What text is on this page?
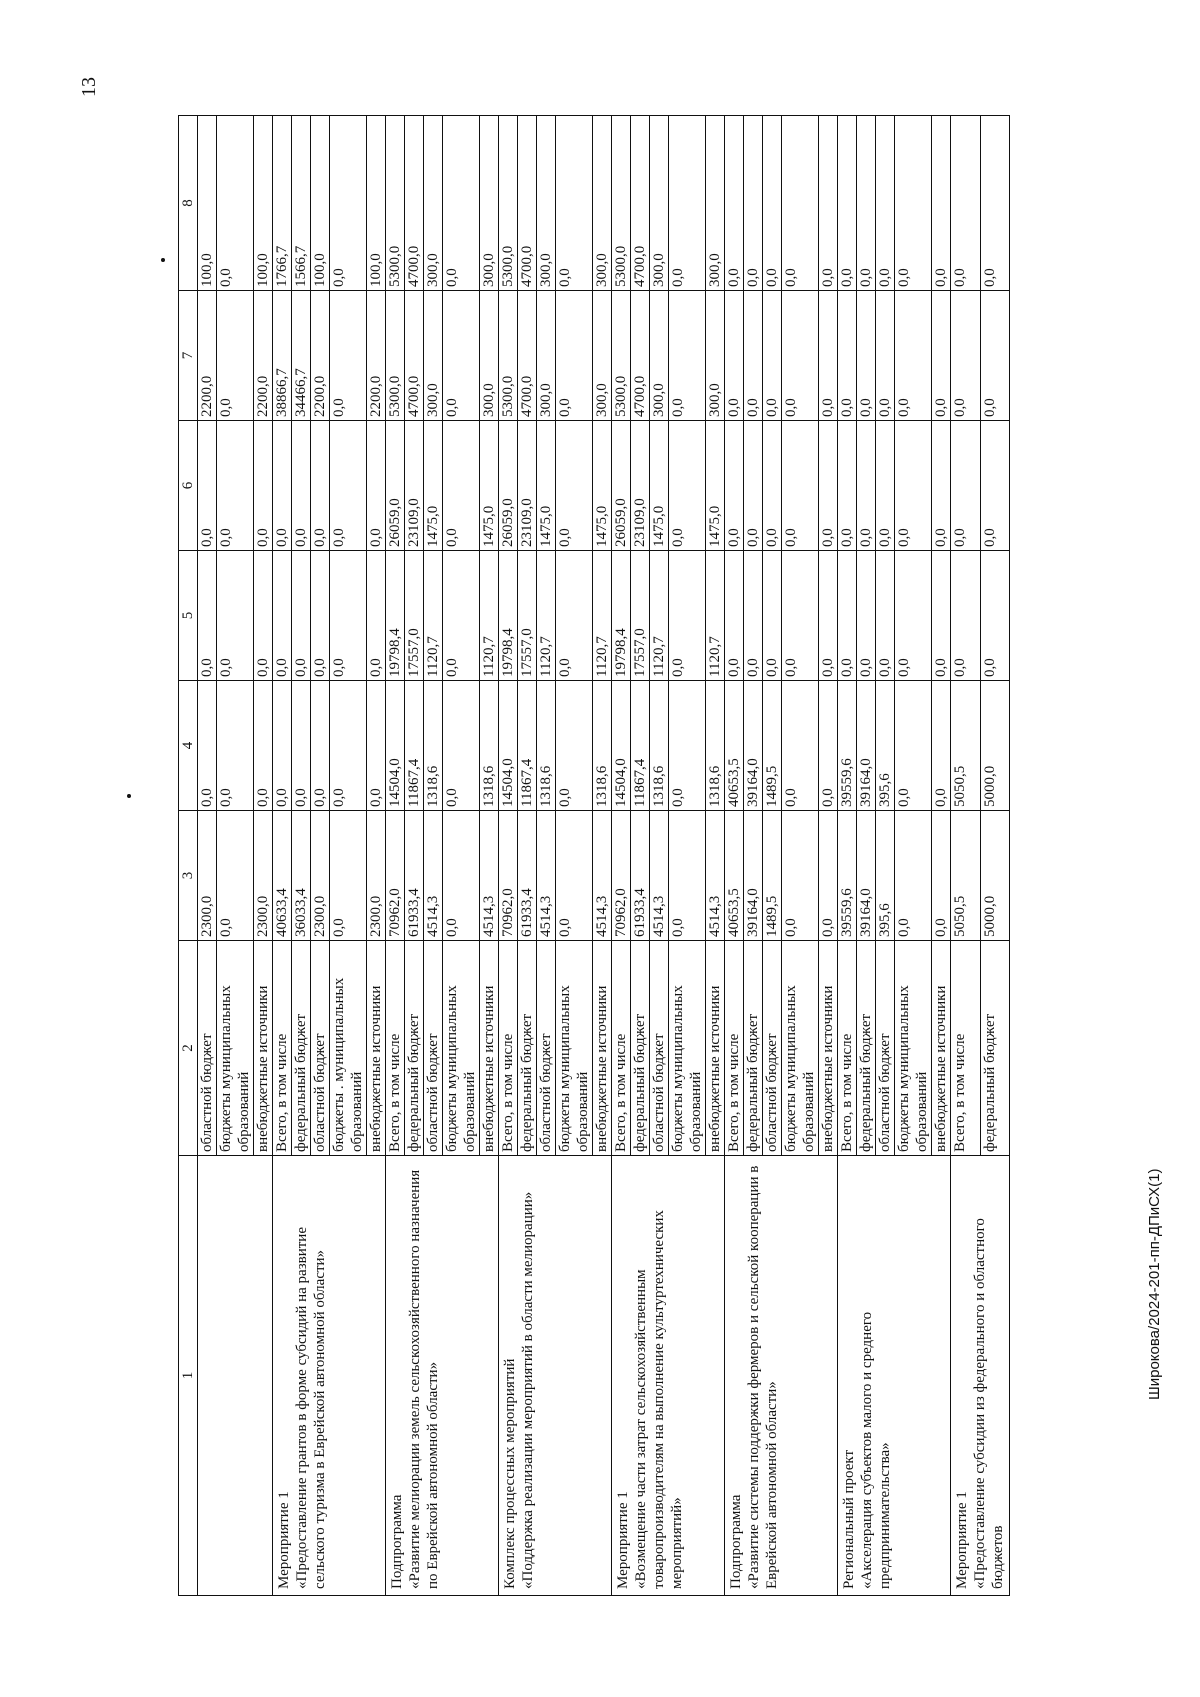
13
1	2	3	4	5	6	7	8
	областной бюджет	2300,0	0,0	0,0	0,0	2200,0	100,0
	бюджеты муниципальных образований	0,0	0,0	0,0	0,0	0,0	0,0
	внебюджетные источники	2300,0	0,0	0,0	0,0	2200,0	100,0

Мероприятие 1 «Предоставление грантов в форме субсидий на развитие сельского туризма в Еврейской автономной области»	Всего, в том числе	40633,4	0,0	0,0	0,0	38866,7	1766,7
	федеральный бюджет	36033,4	0,0	0,0	0,0	34466,7	1566,7
	областной бюджет	2300,0	0,0	0,0	0,0	2200,0	100,0
	бюджеты . муниципальных образований	0,0	0,0	0,0	0,0	0,0	0,0
	внебюджетные источники	2300,0	0,0	0,0	0,0	2200,0	100,0

Подпрограмма «Развитие мелиорации земель сельскохозяйственного назначения по Еврейской автономной области»	Всего, в том числе	70962,0	14504,0	19798,4	26059,0	5300,0	5300,0
	федеральный бюджет	61933,4	11867,4	17557,0	23109,0	4700,0	4700,0
	областной бюджет	4514,3	1318,6	1120,7	1475,0	300,0	300,0
	бюджеты муниципальных образований	0,0	0,0	0,0	0,0	0,0	0,0
	внебюджетные источники	4514,3	1318,6	1120,7	1475,0	300,0	300,0

Комплекс процессных мероприятий «Поддержка реализации мероприятий в области мелиорации»	Всего, в том числе	70962,0	14504,0	19798,4	26059,0	5300,0	5300,0
	федеральный бюджет	61933,4	11867,4	17557,0	23109,0	4700,0	4700,0
	областной бюджет	4514,3	1318,6	1120,7	1475,0	300,0	300,0
	бюджеты муниципальных образований	0,0	0,0	0,0	0,0	0,0	0,0
	внебюджетные источники	4514,3	1318,6	1120,7	1475,0	300,0	300,0

Мероприятие 1 «Возмещение части затрат сельскохозяйственным товаропроизводителям на выполнение культуртехнических мероприятий»	Всего, в том числе	70962,0	14504,0	19798,4	26059,0	5300,0	5300,0
	федеральный бюджет	61933,4	11867,4	17557,0	23109,0	4700,0	4700,0
	областной бюджет	4514,3	1318,6	1120,7	1475,0	300,0	300,0
	бюджеты муниципальных образований	0,0	0,0	0,0	0,0	0,0	0,0
	внебюджетные источники	4514,3	1318,6	1120,7	1475,0	300,0	300,0

Подпрограмма «Развитие системы поддержки фермеров и сельской кооперации в Еврейской автономной области»	Всего, в том числе	40653,5	40653,5	0,0	0,0	0,0	0,0
	федеральный бюджет	39164,0	39164,0	0,0	0,0	0,0	0,0
	областной бюджет	1489,5	1489,5	0,0	0,0	0,0	0,0
	бюджеты муниципальных образований	0,0	0,0	0,0	0,0	0,0	0,0
	внебюджетные источники	0,0	0,0	0,0	0,0	0,0	0,0

Региональный проект «Акселерация субъектов малого и среднего предпринимательства»	Всего, в том числе	39559,6	39559,6	0,0	0,0	0,0	0,0
	федеральный бюджет	39164,0	39164,0	0,0	0,0	0,0	0,0
	областной бюджет	395,6	395,6	0,0	0,0	0,0	0,0
	бюджеты муниципальных образований	0,0	0,0	0,0	0,0	0,0	0,0
	внебюджетные источники	0,0	0,0	0,0	0,0	0,0	0,0

Мероприятие 1 «Предоставление субсидии из федерального и областного бюджетов	Всего, в том числе	5050,5	5050,5	0,0	0,0	0,0	0,0
	федеральный бюджет	5000,0	5000,0	0,0	0,0	0,0	0,0
Широкова/2024-201-пп-ДПиСХ(1)
